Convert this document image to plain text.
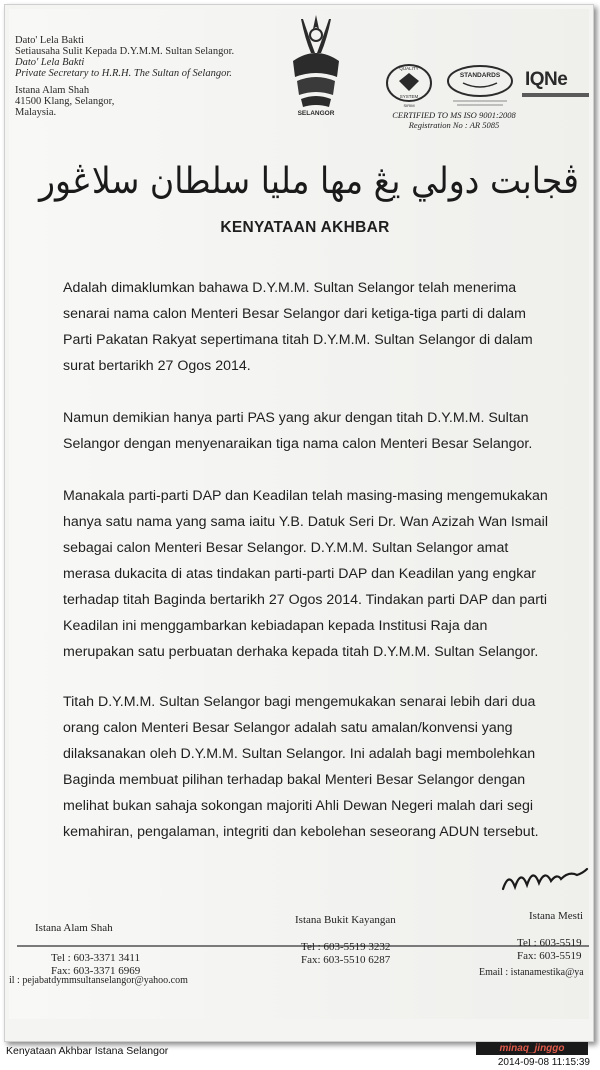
Dato' Lela Bakti
Setiausaha Sulit Kepada D.Y.M.M. Sultan Selangor.
Dato' Lela Bakti
Private Secretary to H.R.H. The Sultan of Selangor.
Istana Alam Shah
41500 Klang, Selangor,
Malaysia.	SELANGOR
QUALITY
SYSTEM
SIRIM
STANDARDS
CERTIFIED TO MS ISO 9001:2008
Registration No : AR 5085
IQNe
ڤجابت دولي يڠ مها مليا سلطان سلاڠور
KENYATAAN AKHBAR
Adalah dimaklumkan bahawa D.Y.M.M. Sultan Selangor telah menerima
senarai nama calon Menteri Besar Selangor dari ketiga-tiga parti di dalam
Parti Pakatan Rakyat sepertimana titah D.Y.M.M. Sultan Selangor di dalam
surat bertarikh 27 Ogos 2014.
Namun demikian hanya parti PAS yang akur dengan titah D.Y.M.M. Sultan
Selangor dengan menyenaraikan tiga nama calon Menteri Besar Selangor.
Manakala parti-parti DAP dan Keadilan telah masing-masing mengemukakan
hanya satu nama yang sama iaitu Y.B. Datuk Seri Dr. Wan Azizah Wan Ismail
sebagai calon Menteri Besar Selangor. D.Y.M.M. Sultan Selangor amat
merasa dukacita di atas tindakan parti-parti DAP dan Keadilan yang engkar
terhadap titah Baginda bertarikh 27 Ogos 2014. Tindakan parti DAP dan parti
Keadilan ini menggambarkan kebiadapan kepada Institusi Raja dan
merupakan satu perbuatan derhaka kepada titah D.Y.M.M. Sultan Selangor.
Titah D.Y.M.M. Sultan Selangor bagi mengemukakan senarai lebih dari dua
orang calon Menteri Besar Selangor adalah satu amalan/konvensi yang
dilaksanakan oleh D.Y.M.M. Sultan Selangor. Ini adalah bagi membolehkan
Baginda membuat pilihan terhadap bakal Menteri Besar Selangor dengan
melihat bukan sahaja sokongan majoriti Ahli Dewan Negeri malah dari segi
kemahiran, pengalaman, integriti dan kebolehan seseorang ADUN tersebut.
Istana Alam Shah
Istana Bukit Kayangan	Istana Mesti
Tel : 603-3371 3411
Fax: 603-3371 6969
Tel : 603-5519 3232
Fax: 603-5510 6287
Tel : 603-5519
Fax: 603-5519
il : pejabatdymmsultanselangor@yahoo.com
Email : istanamestika@ya
Kenyataan Akhbar Istana Selangor	minaq_jinggo
2014-09-08 11:15:39
